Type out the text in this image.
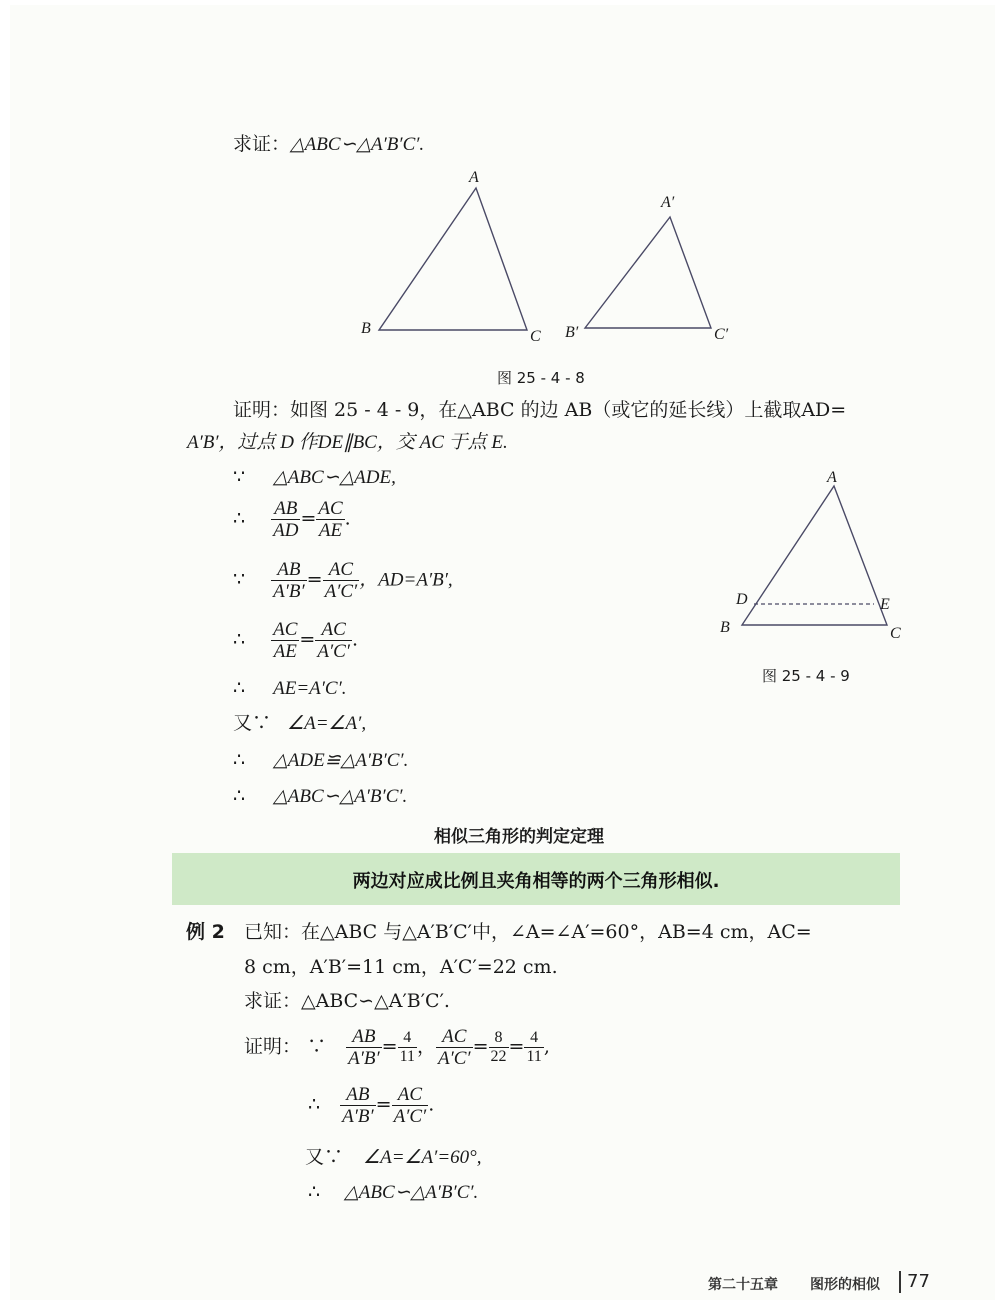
求证：△ABC∽△A′B′C′.
A
B	C
A′
B′	C′
图 25 - 4 - 8
证明：如图 25 - 4 - 9，在△ABC 的边 AB（或它的延长线）上截取AD=
A′B′，过点 D 作DE∥BC，交 AC 于点 E.
∵ △ABC∽△ADE,
∴ $\frac{AB}{AD} = \frac{AC}{AE}$ .
∵ $\frac{AB}{A'B'} = \frac{AC}{A'C'}$ ，AD=A′B′,
∴ $\frac{AC}{AE} = \frac{AC}{A'C'}$ .
∴ AE=A′C′.
又∵ ∠A=∠A′,
∴ △ADE≌△A′B′C′.
∴ △ABC∽△A′B′C′.
A
B	C
D	E
图 25 - 4 - 9
相似三角形的判定定理
两边对应成比例且夹角相等的两个三角形相似.
例 2 已知：在△ABC 与△A′B′C′中，∠A=∠A′=60°，AB=4 cm，AC=
8 cm，A′B′=11 cm，A′C′=22 cm.
求证：△ABC∽△A′B′C′.
证明： ∵ $\frac{AB}{A'B'} = \frac{4}{11}$ ， $\frac{AC}{A'C'} = \frac{8}{22} = \frac{4}{11}$ ,
∴ $\frac{AB}{A'B'} = \frac{AC}{A'C'}$ .
又∵ ∠A=∠A′=60°,
∴ △ABC∽△A′B′C′.
第二十五章 图形的相似 77
